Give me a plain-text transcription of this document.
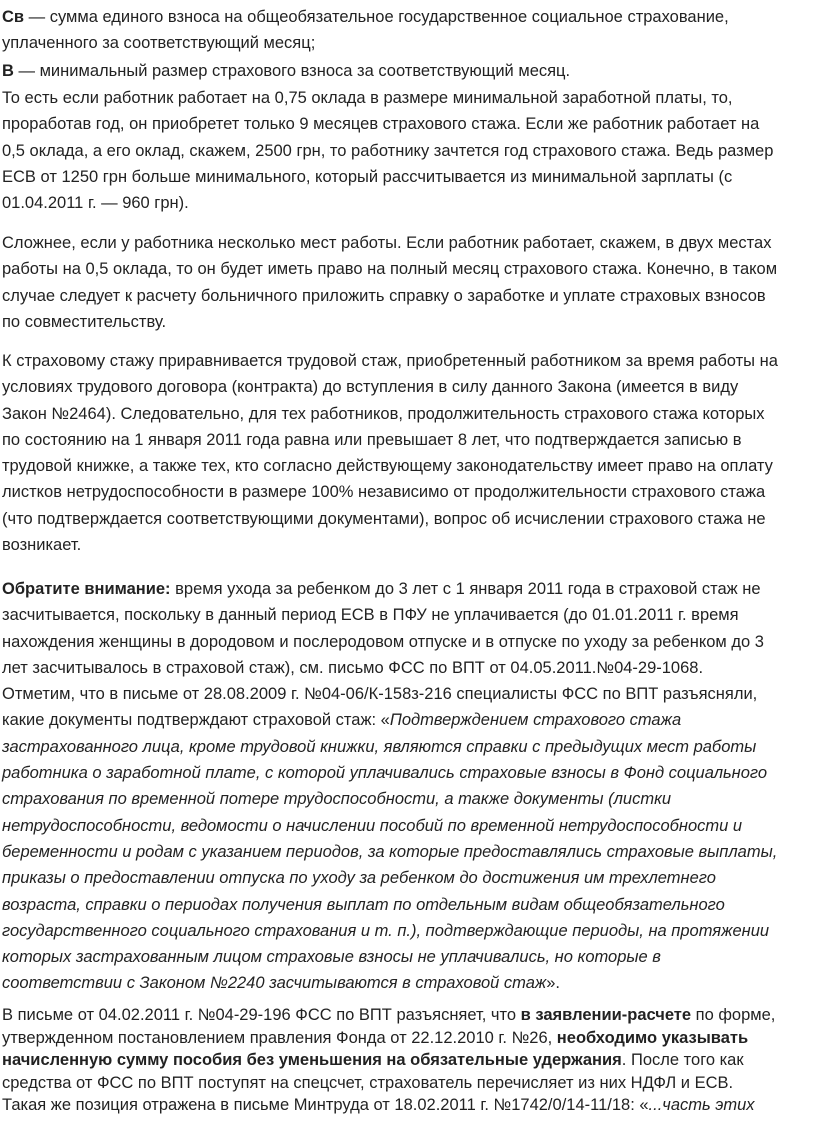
Св — сумма единого взноса на общеобязательное государственное социальное страхование,
уплаченного за соответствующий месяц;
В — минимальный размер страхового взноса за соответствующий месяц.
То есть если работник работает на 0,75 оклада в размере минимальной заработной платы, то,
проработав год, он приобретет только 9 месяцев страхового стажа. Если же работник работает на
0,5 оклада, а его оклад, скажем, 2500 грн, то работнику зачтется год страхового стажа. Ведь размер
ЕСВ от 1250 грн больше минимального, который рассчитывается из минимальной зарплаты (с
01.04.2011 г. — 960 грн).
Сложнее, если у работника несколько мест работы. Если работник работает, скажем, в двух местах
работы на 0,5 оклада, то он будет иметь право на полный месяц страхового стажа. Конечно, в таком
случае следует к расчету больничного приложить справку о заработке и уплате страховых взносов
по совместительству.
К страховому стажу приравнивается трудовой стаж, приобретенный работником за время работы на
условиях трудового договора (контракта) до вступления в силу данного Закона (имеется в виду
Закон №2464). Следовательно, для тех работников, продолжительность страхового стажа которых
по состоянию на 1 января 2011 года равна или превышает 8 лет, что подтверждается записью в
трудовой книжке, а также тех, кто согласно действующему законодательству имеет право на оплату
листков нетрудоспособности в размере 100% независимо от продолжительности страхового стажа
(что подтверждается соответствующими документами), вопрос об исчислении страхового стажа не
возникает.
Обратите внимание: время ухода за ребенком до 3 лет с 1 января 2011 года в страховой стаж не
засчитывается, поскольку в данный период ЕСВ в ПФУ не уплачивается (до 01.01.2011 г. время
нахождения женщины в дородовом и послеродовом отпуске и в отпуске по уходу за ребенком до 3
лет засчитывалось в страховой стаж), см. письмо ФСС по ВПТ от 04.05.2011.№04-29-1068.
Отметим, что в письме от 28.08.2009 г. №04-06/К-158з-216 специалисты ФСС по ВПТ разъясняли,
какие документы подтверждают страховой стаж: «Подтверждением страхового стажа
застрахованного лица, кроме трудовой книжки, являются справки с предыдущих мест работы
работника о заработной плате, с которой уплачивались страховые взносы в Фонд социального
страхования по временной потере трудоспособности, а также документы (листки
нетрудоспособности, ведомости о начислении пособий по временной нетрудоспособности и
беременности и родам с указанием периодов, за которые предоставлялись страховые выплаты,
приказы о предоставлении отпуска по уходу за ребенком до достижения им трехлетнего
возраста, справки о периодах получения выплат по отдельным видам общеобязательного
государственного социального страхования и т. п.), подтверждающие периоды, на протяжении
которых застрахованным лицом страховые взносы не уплачивались, но которые в
соответствии с Законом №2240 засчитываются в страховой стаж».
В письме от 04.02.2011 г. №04-29-196 ФСС по ВПТ разъясняет, что в заявлении-расчете по форме,
утвержденном постановлением правления Фонда от 22.12.2010 г. №26, необходимо указывать
начисленную сумму пособия без уменьшения на обязательные удержания. После того как
средства от ФСС по ВПТ поступят на спецсчет, страхователь перечисляет из них НДФЛ и ЕСВ.
Такая же позиция отражена в письме Минтруда от 18.02.2011 г. №1742/0/14-11/18: «...часть этих
